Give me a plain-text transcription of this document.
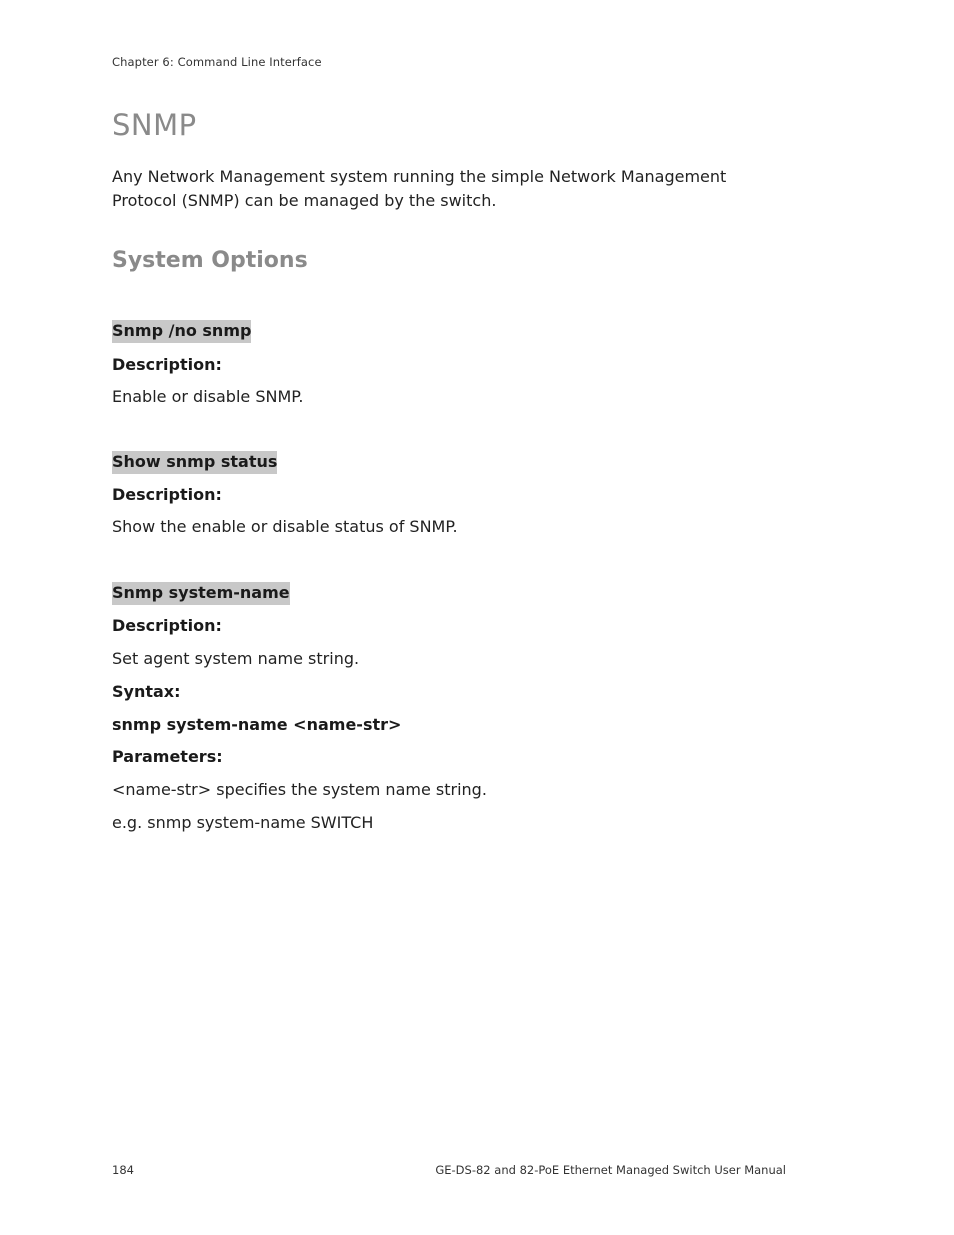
Chapter 6: Command Line Interface
SNMP

Any Network Management system running the simple Network Management Protocol (SNMP) can be managed by the switch.

System Options
Snmp /no snmp
Description:
Enable or disable SNMP.
Show snmp status
Description:
Show the enable or disable status of SNMP.
Snmp system-name
Description:
Set agent system name string.
Syntax:
snmp system-name <name-str>
Parameters:
<name-str> specifies the system name string.
e.g. snmp system-name SWITCH
184	GE-DS-82 and 82-PoE Ethernet Managed Switch User Manual
